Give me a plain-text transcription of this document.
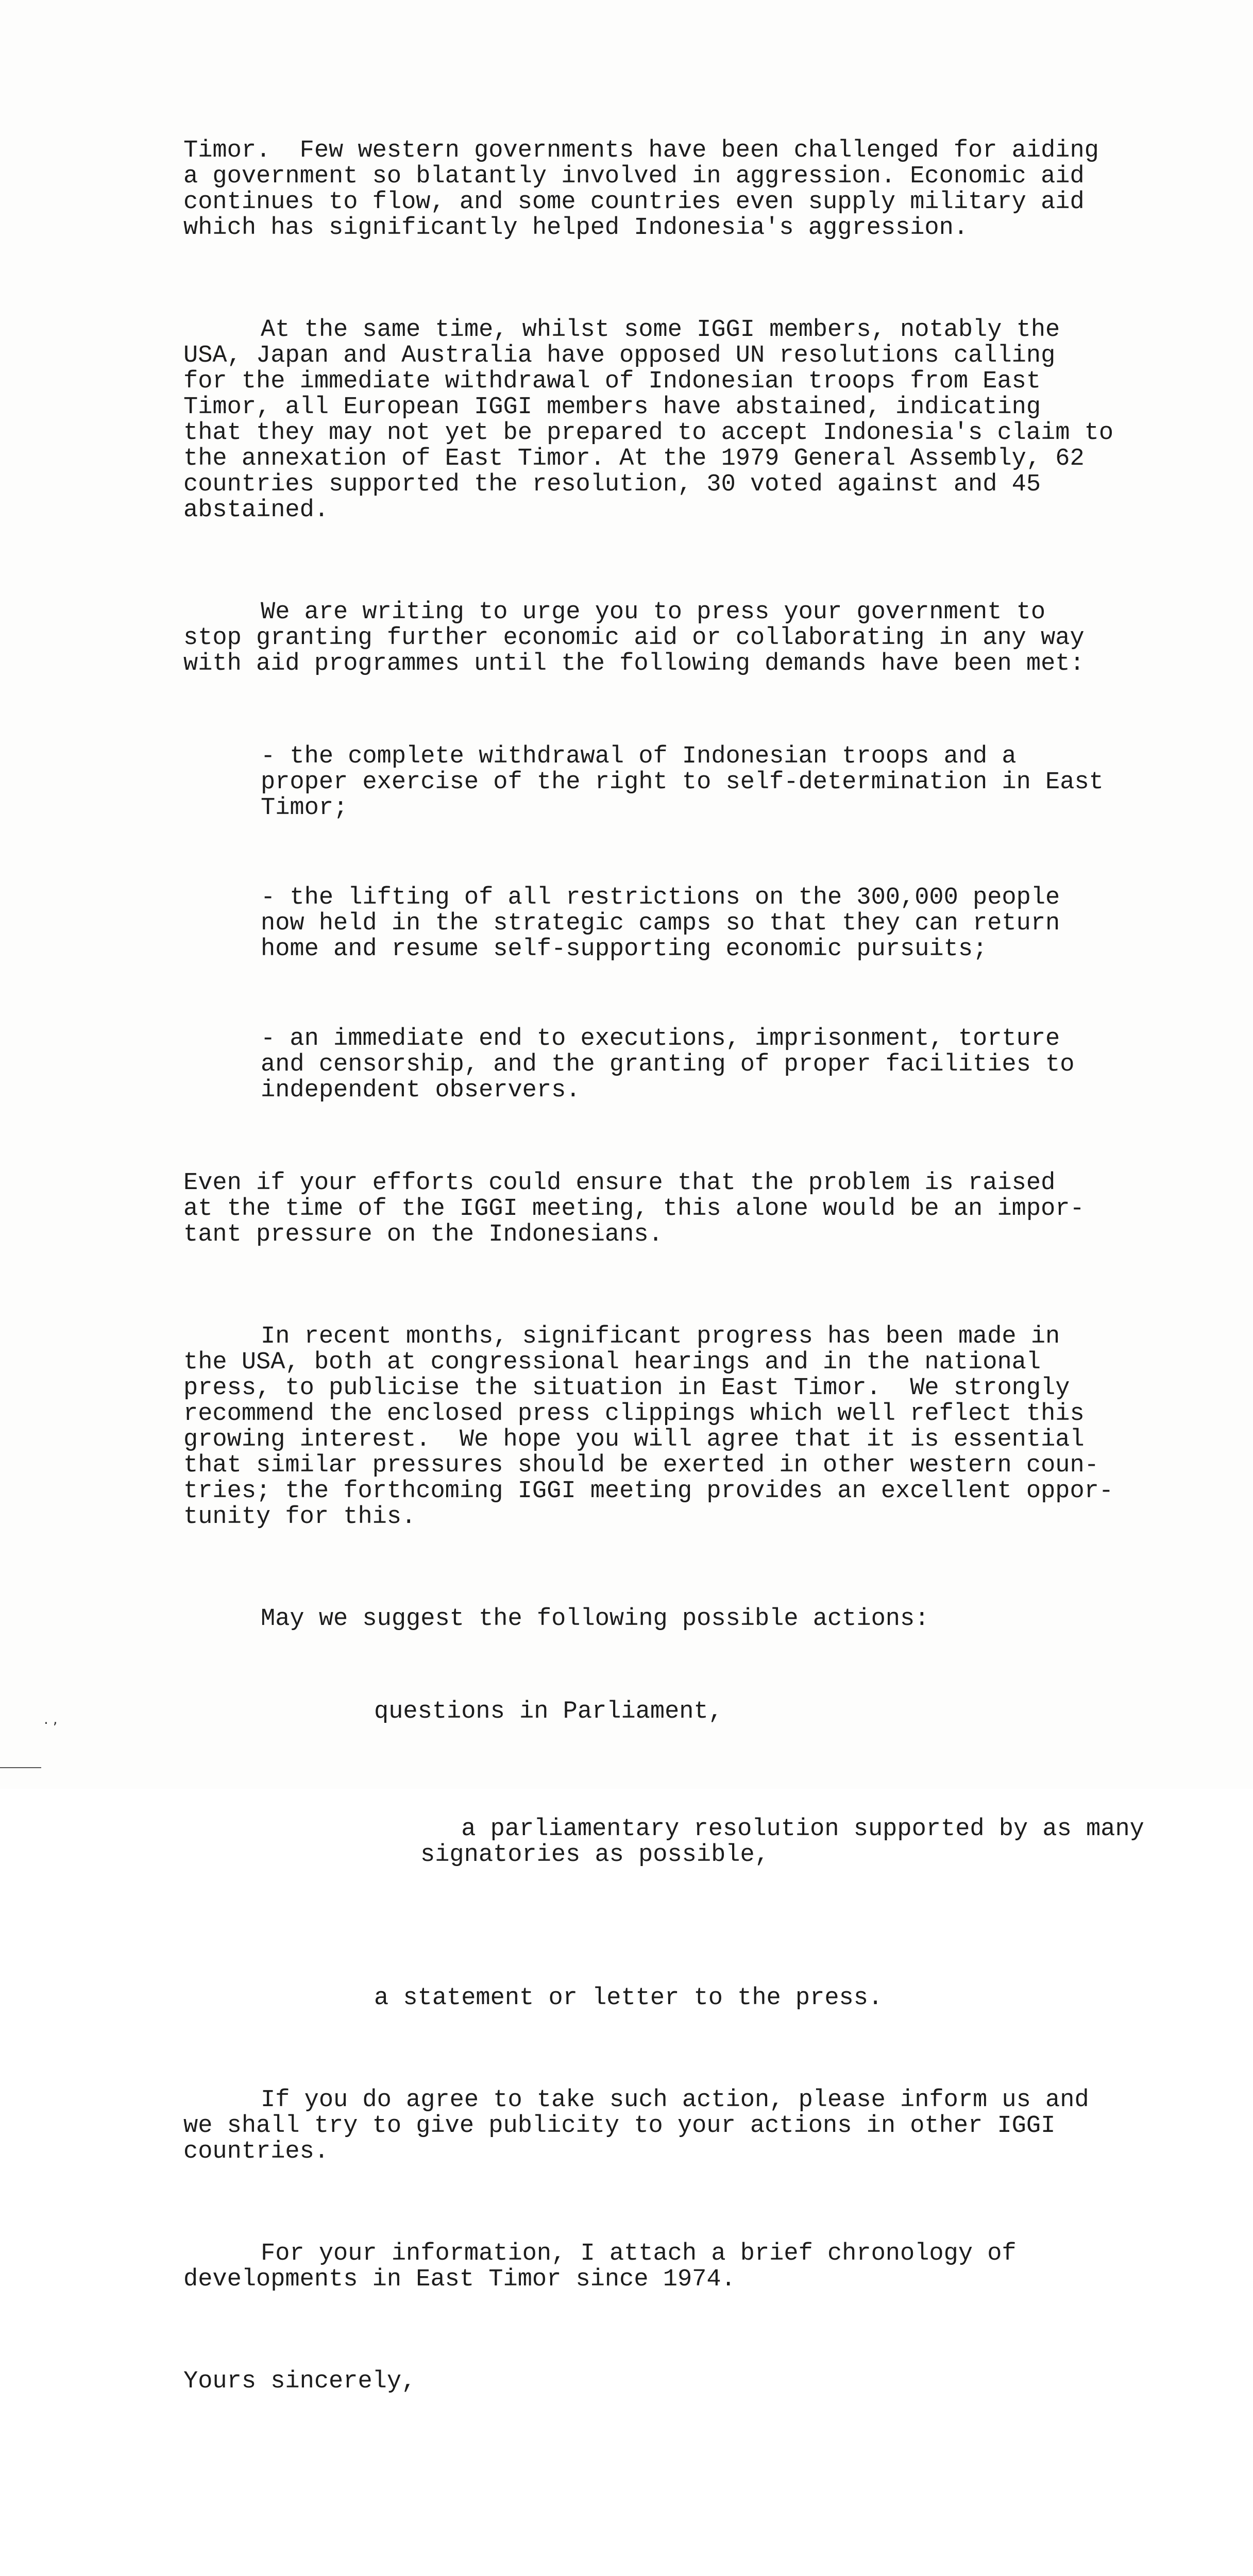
Timor.  Few western governments have been challenged for aiding
a government so blatantly involved in aggression. Economic aid
continues to flow, and some countries even supply military aid
which has significantly helped Indonesia's aggression.

At the same time, whilst some IGGI members, notably the
USA, Japan and Australia have opposed UN resolutions calling
for the immediate withdrawal of Indonesian troops from East
Timor, all European IGGI members have abstained, indicating
that they may not yet be prepared to accept Indonesia's claim to
the annexation of East Timor. At the 1979 General Assembly, 62
countries supported the resolution, 30 voted against and 45
abstained.

We are writing to urge you to press your government to
stop granting further economic aid or collaborating in any way
with aid programmes until the following demands have been met:

- the complete withdrawal of Indonesian troops and a
proper exercise of the right to self-determination in East
Timor;

- the lifting of all restrictions on the 300,000 people
now held in the strategic camps so that they can return
home and resume self-supporting economic pursuits;

- an immediate end to executions, imprisonment, torture
and censorship, and the granting of proper facilities to
independent observers.

Even if your efforts could ensure that the problem is raised
at the time of the IGGI meeting, this alone would be an impor-
tant pressure on the Indonesians.

In recent months, significant progress has been made in
the USA, both at congressional hearings and in the national
press, to publicise the situation in East Timor.  We strongly
recommend the enclosed press clippings which well reflect this
growing interest.  We hope you will agree that it is essential
that similar pressures should be exerted in other western coun-
tries; the forthcoming IGGI meeting provides an excellent oppor-
tunity for this.

May we suggest the following possible actions:

questions in Parliament,

a parliamentary resolution supported by as many
signatories as possible,

a statement or letter to the press.

If you do agree to take such action, please inform us and
we shall try to give publicity to your actions in other IGGI
countries.

For your information, I attach a brief chronology of
developments in East Timor since 1974.

Yours sincerely,

. ,
